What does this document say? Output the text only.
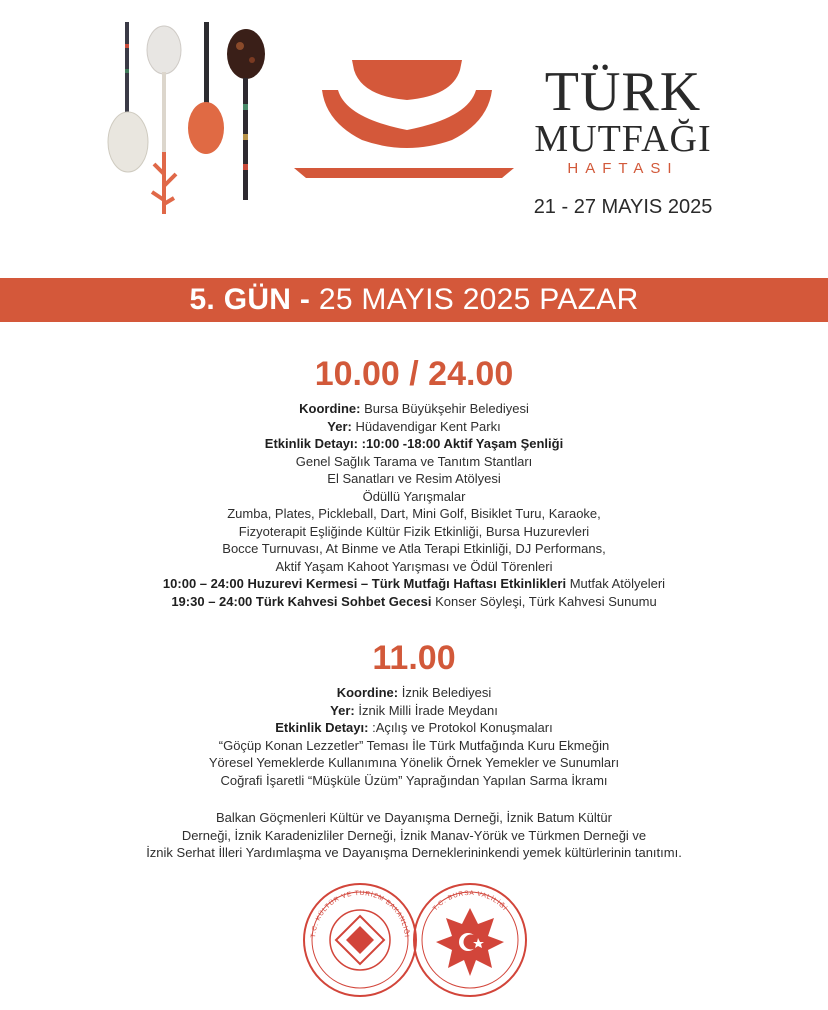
TÜRK
MUTFAĞI
HAFTASI
21 - 27 MAYIS 2025
5. GÜN - 25 MAYIS 2025 PAZAR
10.00 / 24.00
Koordine: Bursa Büyükşehir Belediyesi
Yer: Hüdavendigar Kent Parkı
Etkinlik Detayı: :10:00 -18:00 Aktif Yaşam Şenliği
Genel Sağlık Tarama ve Tanıtım Stantları
El Sanatları ve Resim Atölyesi
Ödüllü Yarışmalar
Zumba, Plates, Pickleball, Dart, Mini Golf, Bisiklet Turu, Karaoke,
Fizyoterapit Eşliğinde Kültür Fizik Etkinliği, Bursa Huzurevleri
Bocce Turnuvası, At Binme ve Atla Terapi Etkinliği, DJ Performans,
Aktif Yaşam Kahoot Yarışması ve Ödül Törenleri
10:00 – 24:00 Huzurevi Kermesi – Türk Mutfağı Haftası Etkinlikleri Mutfak Atölyeleri
19:30 – 24:00 Türk Kahvesi Sohbet Gecesi Konser Söyleşi, Türk Kahvesi Sunumu
11.00
Koordine: İznik Belediyesi
Yer: İznik Milli İrade Meydanı
Etkinlik Detayı: :Açılış ve Protokol Konuşmaları
“Göçüp Konan Lezzetler” Teması İle Türk Mutfağında Kuru Ekmeğin
Yöresel Yemeklerde Kullanımına Yönelik Örnek Yemekler ve Sunumları
Coğrafi İşaretli “Müşküle Üzüm” Yaprağından Yapılan Sarma İkramı
Balkan Göçmenleri Kültür ve Dayanışma Derneği, İznik Batum Kültür
Derneği, İznik Karadenizliler Derneği, İznik Manav-Yörük ve Türkmen Derneği ve
İznik Serhat İlleri Yardımlaşma ve Dayanışma Derneklerininkendi yemek kültürlerinin tanıtımı.
T.C. KÜLTÜR VE TURİZM BAKANLIĞI
T.C. BURSA VALİLİĞİ
